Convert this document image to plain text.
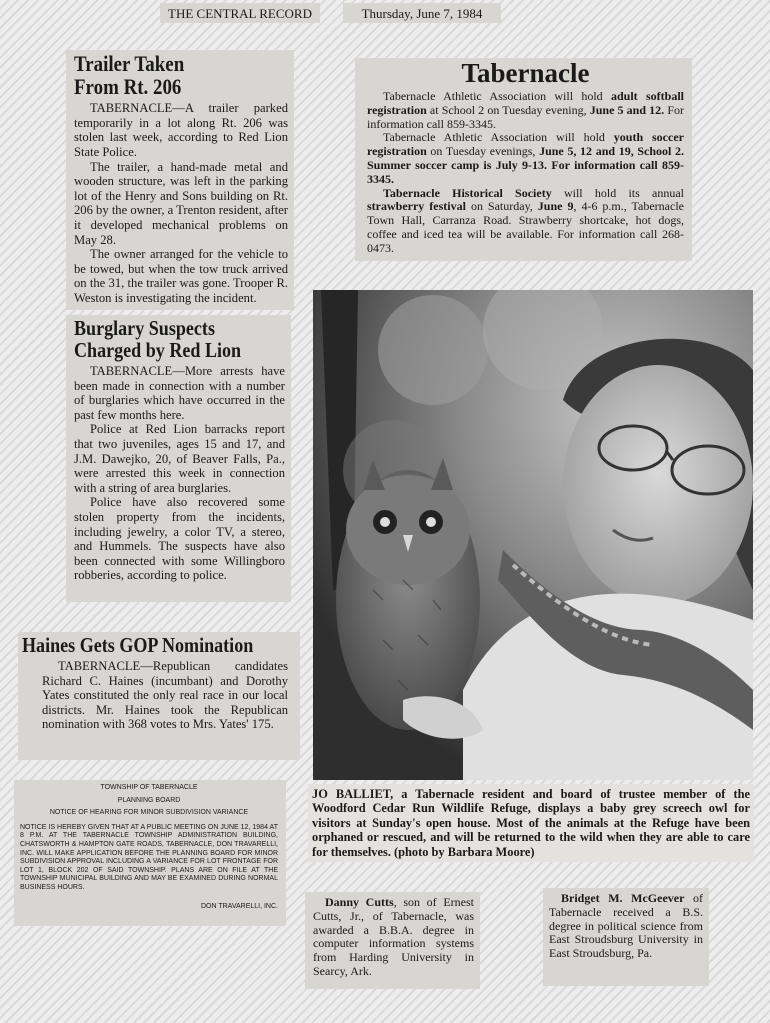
THE CENTRAL RECORD	Thursday, June 7, 1984
Trailer Taken
From Rt. 206

TABERNACLE—A trailer parked temporarily in a lot along Rt. 206 was stolen last week, according to Red Lion State Police.

The trailer, a hand-made metal and wooden structure, was left in the parking lot of the Henry and Sons building on Rt. 206 by the owner, a Trenton resident, after it developed mechanical problems on May 28.

The owner arranged for the vehicle to be towed, but when the tow truck arrived on the 31, the trailer was gone. Trooper R. Weston is investigating the incident.

Burglary Suspects
Charged by Red Lion

TABERNACLE—More arrests have been made in connection with a number of burglaries which have occurred in the past few months here.

Police at Red Lion barracks report that two juveniles, ages 15 and 17, and J.M. Dawejko, 20, of Beaver Falls, Pa., were arrested this week in connection with a string of area burglaries.

Police have also recovered some stolen property from the incidents, including jewelry, a color TV, a stereo, and Hummels. The suspects have also been connected with some Willingboro robberies, according to police.

Haines Gets GOP Nomination

TABERNACLE—Republican candidates Richard C. Haines (incumbant) and Dorothy Yates constituted the only real race in our local districts. Mr. Haines took the Republican nomination with 368 votes to Mrs. Yates' 175.

TOWNSHIP OF TABERNACLE
PLANNING BOARD
NOTICE OF HEARING FOR MINOR SUBDIVISION VARIANCE
NOTICE IS HEREBY GIVEN THAT AT A PUBLIC MEETING ON JUNE 12, 1984 AT 8 P.M. AT THE TABERNACLE TOWNSHIP ADMINISTRATION BUILDING, CHATSWORTH & HAMPTON GATE ROADS, TABERNACLE, DON TRAVARELLI, INC. WILL MAKE APPLICATION BEFORE THE PLANNING BOARD FOR MINOR SUBDIVISION APPROVAL INCLUDING A VARIANCE FOR LOT FRONTAGE FOR LOT 1, BLOCK 202 OF SAID TOWNSHIP. PLANS ARE ON FILE AT THE TOWNSHIP MUNICIPAL BUILDING AND MAY BE EXAMINED DURING NORMAL BUSINESS HOURS.
DON TRAVARELLI, INC.
Tabernacle

Tabernacle Athletic Association will hold adult softball registration at School 2 on Tuesday evening, June 5 and 12. For information call 859-3345.

Tabernacle Athletic Association will hold youth soccer registration on Tuesday evenings, June 5, 12 and 19, School 2. Summer soccer camp is July 9-13. For information call 859-3345.

Tabernacle Historical Society will hold its annual strawberry festival on Saturday, June 9, 4-6 p.m., Tabernacle Town Hall, Carranza Road. Strawberry shortcake, hot dogs, coffee and iced tea will be available. For information call 268-0473.

JO BALLIET, a Tabernacle resident and board of trustee member of the Woodford Cedar Run Wildlife Refuge, displays a baby grey screech owl for visitors at Sunday's open house. Most of the animals at the Refuge have been orphaned or rescued, and will be returned to the wild when they are able to care for themselves. (photo by Barbara Moore)

Danny Cutts, son of Ernest Cutts, Jr., of Tabernacle, was awarded a B.B.A. degree in computer information systems from Harding University in Searcy, Ark.

Bridget M. McGeever of Tabernacle received a B.S. degree in political science from East Stroudsburg University in East Stroudsburg, Pa.
